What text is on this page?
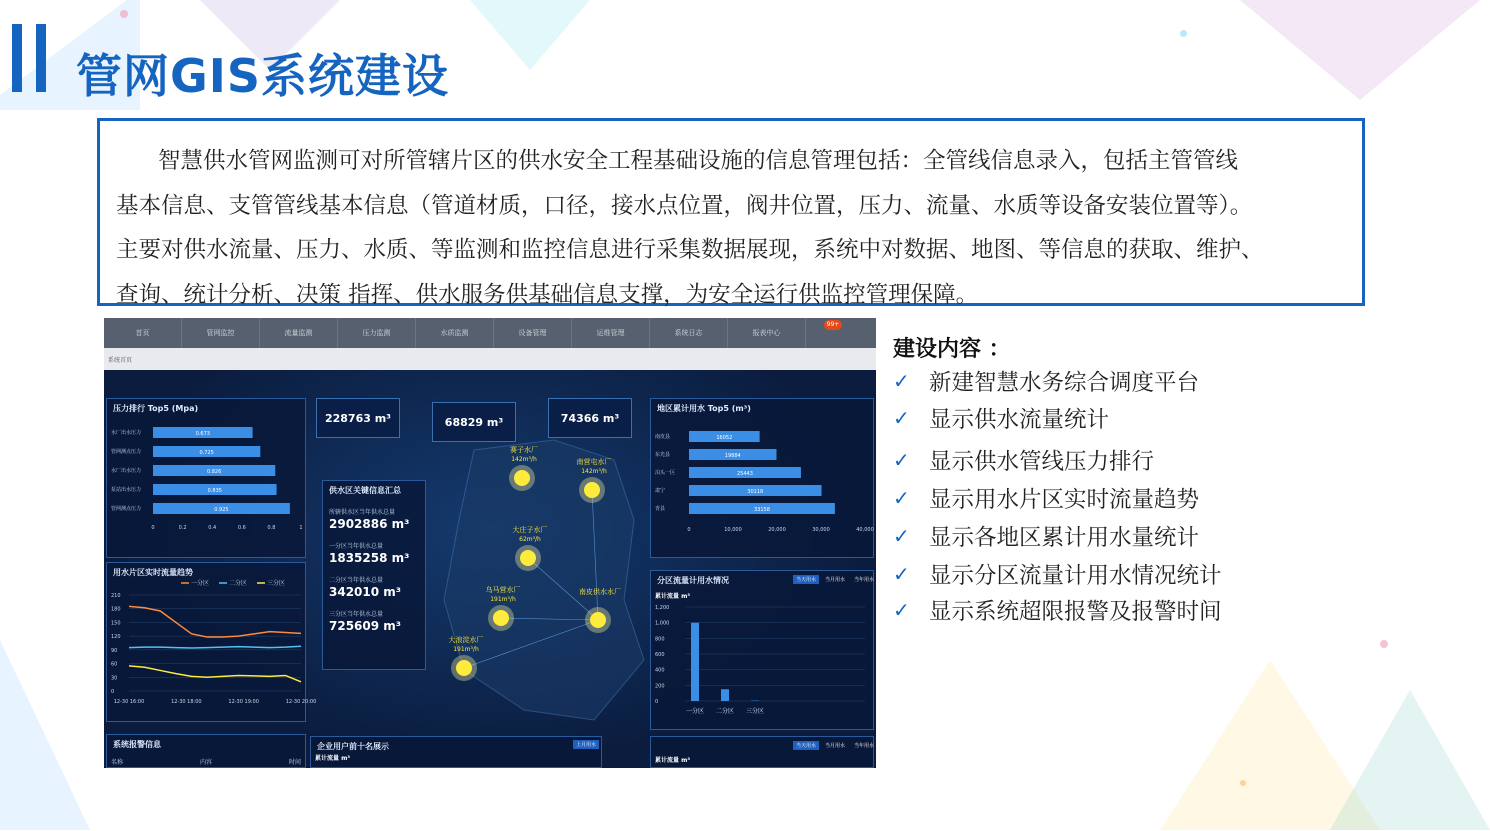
管网GIS系统建设
智慧供水管网监测可对所管辖片区的供水安全工程基础设施的信息管理包括：全管线信息录入，包括主管管线
基本信息、支管管线基本信息（管道材质，口径，接水点位置，阀井位置，压力、流量、水质等设备安装位置等）。
主要对供水流量、压力、水质、等监测和监控信息进行采集数据展现，系统中对数据、地图、等信息的获取、维护、
查询、统计分析、决策 指挥、供水服务供基础信息支撑，为安全运行供监控管理保障。
首页	管网监控	流量监测	压力监测	水质监测	设备管理	运维管理	系统日志	报表中心
99+
系统首页
压力排行 Top5 (Mpa)
水厂出水压力	0.673
管网测点压力	0.725
水厂出水压力	0.826
泵站出水压力	0.835
管网测点压力	0.925
0	0.2	0.4	0.6	0.8	1
用水片区实时流量趋势
一分区	二分区	三分区
210
180
150
120
90
60
30
0
12-30 16:00	12-30 18:00	12-30 19:00	12-30 20:00
系统报警信息
名称	内容	时间
228763 m³	68829 m³	74366 m³
供水区关键信息汇总
所辖供水区当年供水总量
2902886 m³
一分区当年供水总量
1835258 m³
二分区当年供水总量
342010 m³
三分区当年供水总量
725609 m³
赛子水厂
142m³/h	南营屯水厂
142m³/h
大庄子水厂
62m³/h
乌马营水厂
191m³/h
南皮供水水厂
大浪淀水厂
191m³/h
地区累计用水 Top5 (m³)
南皮县	16052
东光县	19884
泊头一区	25443
肃宁	30118
青县	33158
0	10,000	20,000	30,000	40,000
分区流量计用水情况
累计流量 m³
当天用水	当月用水	当年用水
1,200
1,000
800
600
400
200
0
一分区 二分区 三分区
企业用户前十名展示
累计流量 m³
上月用水
累计流量 m³
当天用水	当月用水	当年用水
建设内容 ：
✓ 新建智慧水务综合调度平台
✓ 显示供水流量统计
✓ 显示供水管线压力排行
✓ 显示用水片区实时流量趋势
✓ 显示各地区累计用水量统计
✓ 显示分区流量计用水情况统计
✓ 显示系统超限报警及报警时间
